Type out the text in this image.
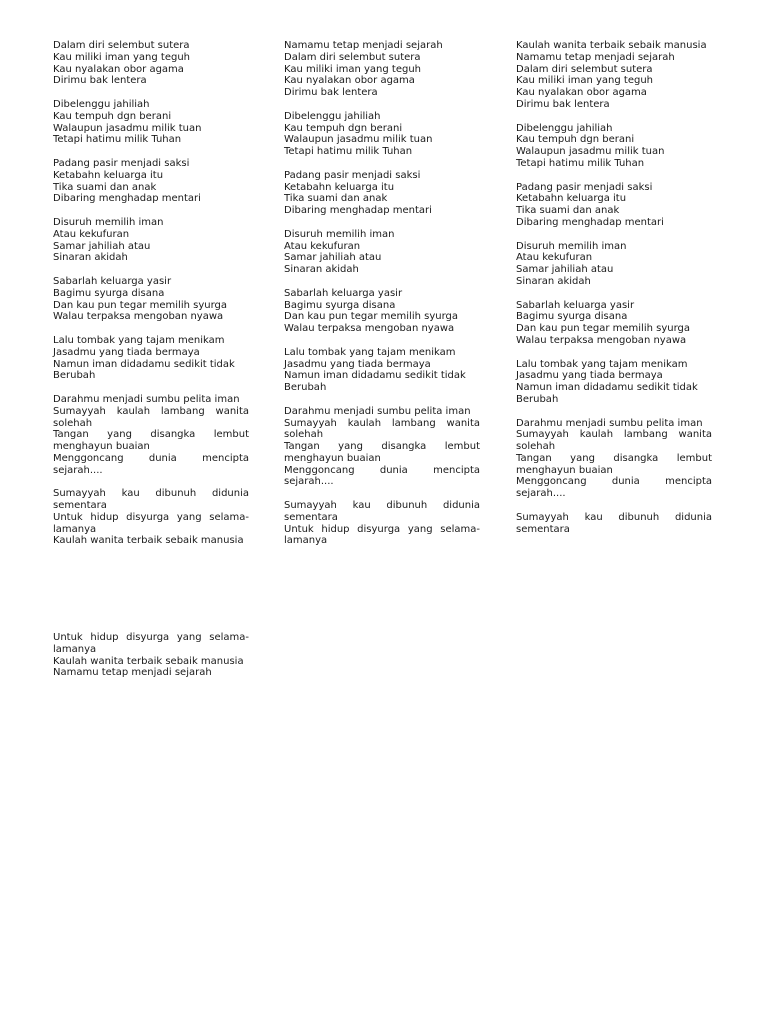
Dalam diri selembut sutera
Kau miliki iman yang teguh
Kau nyalakan obor agama
Dirimu bak lentera
Dibelenggu jahiliah
Kau tempuh dgn berani
Walaupun jasadmu milik tuan
Tetapi hatimu milik Tuhan
Padang pasir menjadi saksi
Ketabahn keluarga itu
Tika suami dan anak
Dibaring menghadap mentari
Disuruh memilih iman
Atau kekufuran
Samar jahiliah atau
Sinaran akidah
Sabarlah keluarga yasir
Bagimu syurga disana
Dan kau pun tegar memilih syurga
Walau terpaksa mengoban nyawa
Lalu tombak yang tajam menikam
Jasadmu yang tiada bermaya
Namun iman didadamu sedikit tidak
Berubah
Darahmu menjadi sumbu pelita iman
Sumayyah kaulah lambang wanita
solehah
Tangan yang disangka lembut
menghayun buaian
Menggoncang dunia mencipta
sejarah....
Sumayyah kau dibunuh didunia
sementara
Untuk hidup disyurga yang selama-
lamanya
Kaulah wanita terbaik sebaik manusia
Namamu tetap menjadi sejarah
Dalam diri selembut sutera
Kau miliki iman yang teguh
Kau nyalakan obor agama
Dirimu bak lentera
Dibelenggu jahiliah
Kau tempuh dgn berani
Walaupun jasadmu milik tuan
Tetapi hatimu milik Tuhan
Padang pasir menjadi saksi
Ketabahn keluarga itu
Tika suami dan anak
Dibaring menghadap mentari
Disuruh memilih iman
Atau kekufuran
Samar jahiliah atau
Sinaran akidah
Sabarlah keluarga yasir
Bagimu syurga disana
Dan kau pun tegar memilih syurga
Walau terpaksa mengoban nyawa
Lalu tombak yang tajam menikam
Jasadmu yang tiada bermaya
Namun iman didadamu sedikit tidak
Berubah
Darahmu menjadi sumbu pelita iman
Sumayyah kaulah lambang wanita
solehah
Tangan yang disangka lembut
menghayun buaian
Menggoncang dunia mencipta
sejarah....
Sumayyah kau dibunuh didunia
sementara
Untuk hidup disyurga yang selama-
lamanya
Kaulah wanita terbaik sebaik manusia
Namamu tetap menjadi sejarah
Dalam diri selembut sutera
Kau miliki iman yang teguh
Kau nyalakan obor agama
Dirimu bak lentera
Dibelenggu jahiliah
Kau tempuh dgn berani
Walaupun jasadmu milik tuan
Tetapi hatimu milik Tuhan
Padang pasir menjadi saksi
Ketabahn keluarga itu
Tika suami dan anak
Dibaring menghadap mentari
Disuruh memilih iman
Atau kekufuran
Samar jahiliah atau
Sinaran akidah
Sabarlah keluarga yasir
Bagimu syurga disana
Dan kau pun tegar memilih syurga
Walau terpaksa mengoban nyawa
Lalu tombak yang tajam menikam
Jasadmu yang tiada bermaya
Namun iman didadamu sedikit tidak
Berubah
Darahmu menjadi sumbu pelita iman
Sumayyah kaulah lambang wanita
solehah
Tangan yang disangka lembut
menghayun buaian
Menggoncang dunia mencipta
sejarah....
Sumayyah kau dibunuh didunia
sementara
Untuk hidup disyurga yang selama-
lamanya
Kaulah wanita terbaik sebaik manusia
Namamu tetap menjadi sejarah
